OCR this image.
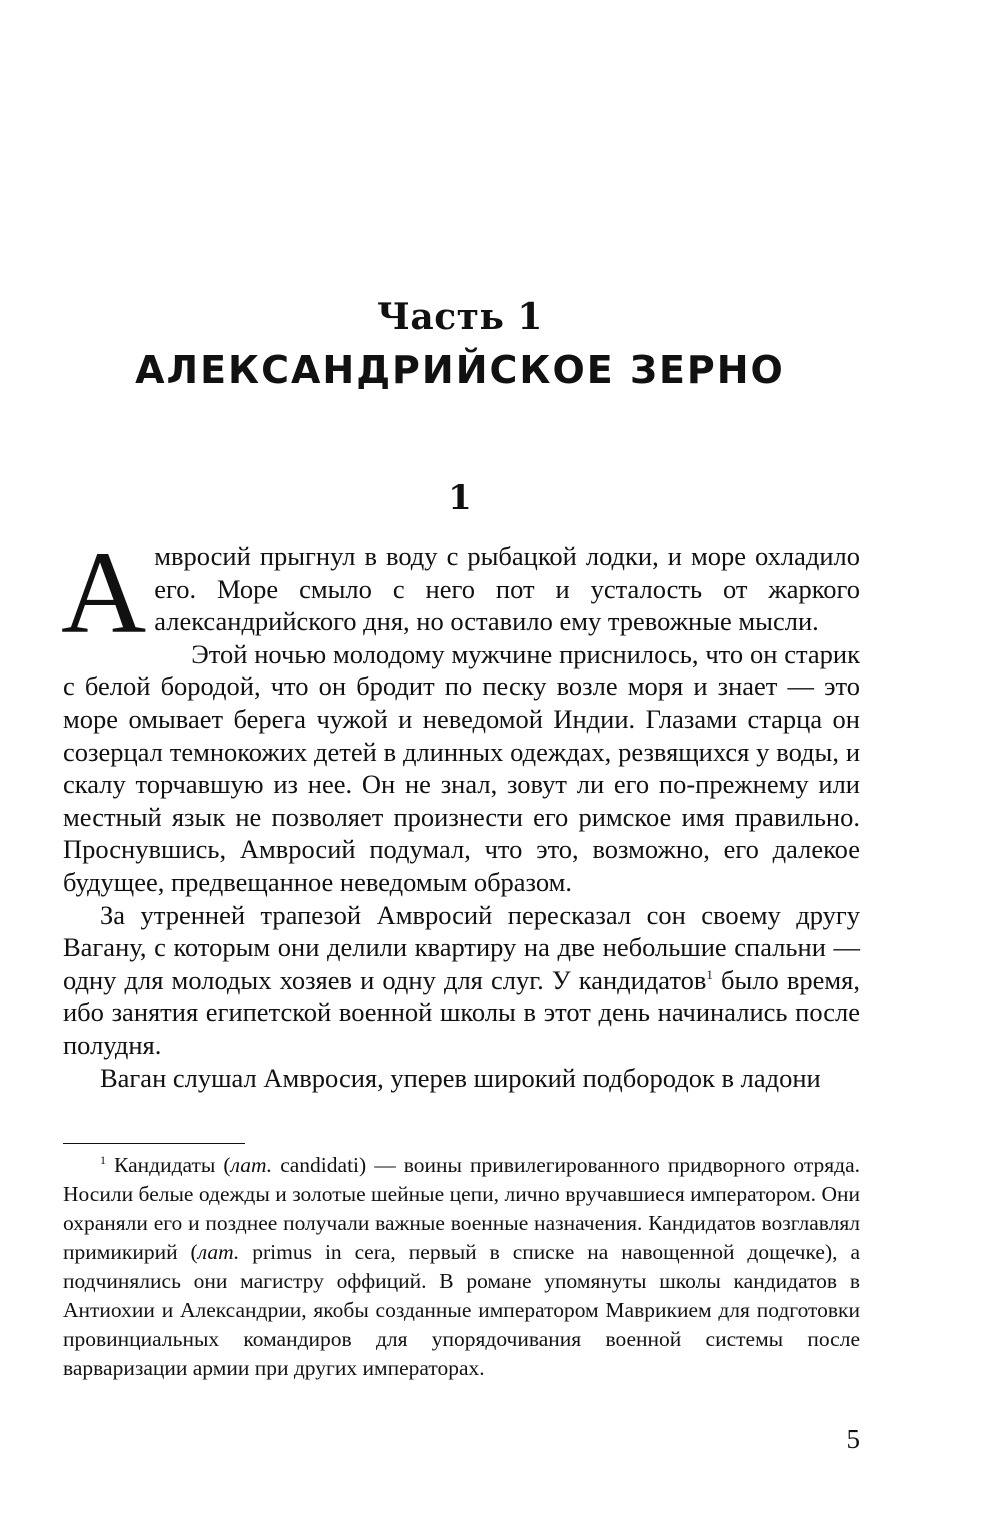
Часть 1
АЛЕКСАНДРИЙСКОЕ ЗЕРНО
1

Амвросий прыгнул в воду с рыбацкой лодки, и море охладило его. Море смыло с него пот и усталость от жаркого александрийского дня, но оставило ему тревожные мысли.

Этой ночью молодому мужчине приснилось, что он старик с белой бородой, что он бродит по песку возле моря и знает — это море омывает берега чужой и неведомой Индии. Глазами старца он созерцал темнокожих детей в длинных одеждах, резвящихся у воды, и скалу торчавшую из нее. Он не знал, зовут ли его по-прежнему или местный язык не позволяет произнести его римское имя правильно. Проснувшись, Амвросий подумал, что это, возможно, его далекое будущее, предвещанное неведомым образом.

За утренней трапезой Амвросий пересказал сон своему другу Вагану, с которым они делили квартиру на две небольшие спальни — одну для молодых хозяев и одну для слуг. У кандидатов$^1$ было время, ибо занятия египетской военной школы в этот день начинались после полудня.

Ваган слушал Амвросия, уперев широкий подбородок в ладони

$^1$ Кандидаты (лат. candidati) — воины привилегированного придворного отряда. Носили белые одежды и золотые шейные цепи, лично вручавшиеся императором. Они охраняли его и позднее получали важные военные назначения. Кандидатов возглавлял примикирий (лат. primus in cera, первый в списке на навощенной дощечке), а подчинялись они магистру оффиций. В романе упомянуты школы кандидатов в Антиохии и Александрии, якобы созданные императором Маврикием для подготовки провинциальных командиров для упорядочивания военной системы после варваризации армии при других императорах.
5
